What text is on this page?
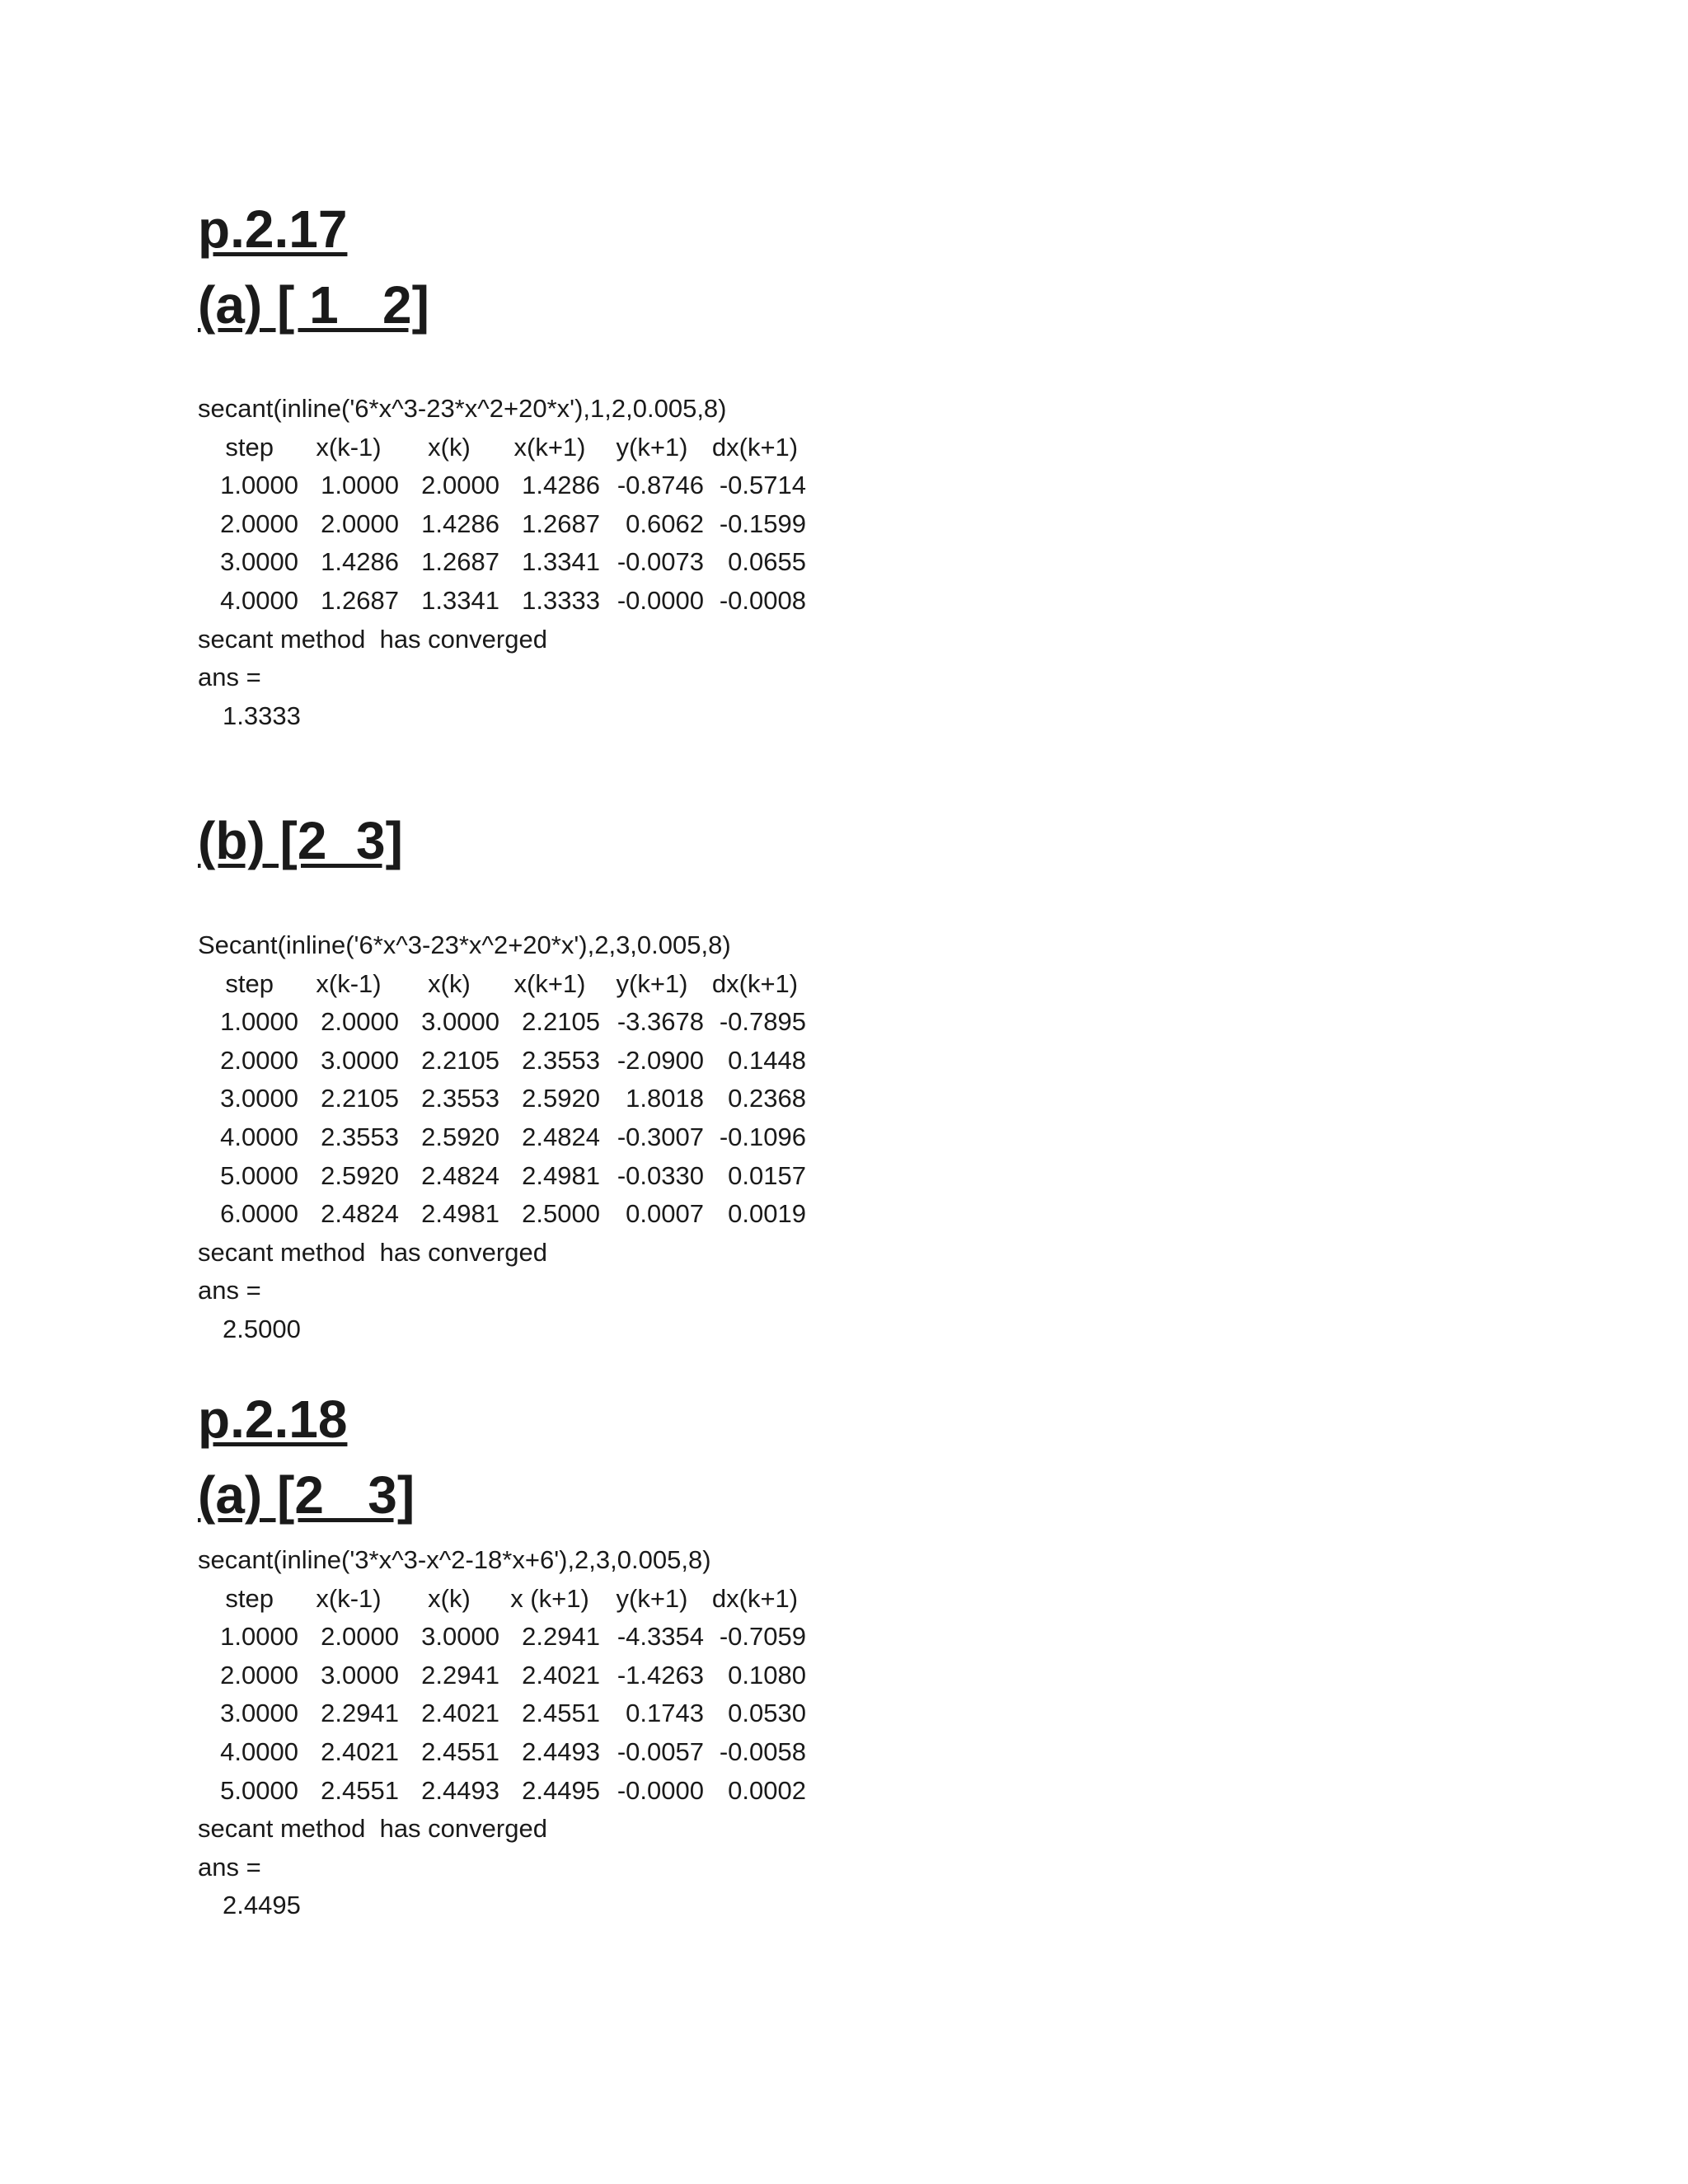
p.2.17
(a) [ 1   2]
secant(inline('6*x^3-23*x^2+20*x'),1,2,0.005,8)
step	x(k-1)	x(k)	x(k+1)	y(k+1) dx(k+1)
1.0000 1.0000 2.0000 1.4286 -0.8746 -0.5714
2.0000 2.0000 1.4286 1.2687	0.6062 -0.1599
3.0000 1.4286 1.2687 1.3341 -0.0073 0.0655
4.0000 1.2687 1.3341 1.3333 -0.0000 -0.0008
secant method  has converged
ans =
1.3333
(b) [2  3]
Secant(inline('6*x^3-23*x^2+20*x'),2,3,0.005,8)
step	x(k-1)	x(k)	x(k+1)	y(k+1) dx(k+1)
1.0000 2.0000 3.0000 2.2105 -3.3678 -0.7895
2.0000 3.0000 2.2105 2.3553 -2.0900 0.1448
3.0000 2.2105 2.3553 2.5920	1.8018 0.2368
4.0000 2.3553 2.5920 2.4824 -0.3007 -0.1096
5.0000 2.5920 2.4824 2.4981 -0.0330 0.0157
6.0000 2.4824 2.4981 2.5000	0.0007 0.0019
secant method  has converged
ans =
2.5000
p.2.18
(a) [2   3]
secant(inline('3*x^3-x^2-18*x+6'),2,3,0.005,8)
step	x(k-1)	x(k)	x (k+1)	y(k+1) dx(k+1)
1.0000 2.0000 3.0000 2.2941 -4.3354 -0.7059
2.0000 3.0000 2.2941 2.4021 -1.4263 0.1080
3.0000 2.2941 2.4021 2.4551	0.1743 0.0530
4.0000 2.4021 2.4551 2.4493 -0.0057 -0.0058
5.0000 2.4551 2.4493 2.4495 -0.0000 0.0002
secant method  has converged
ans =
2.4495
